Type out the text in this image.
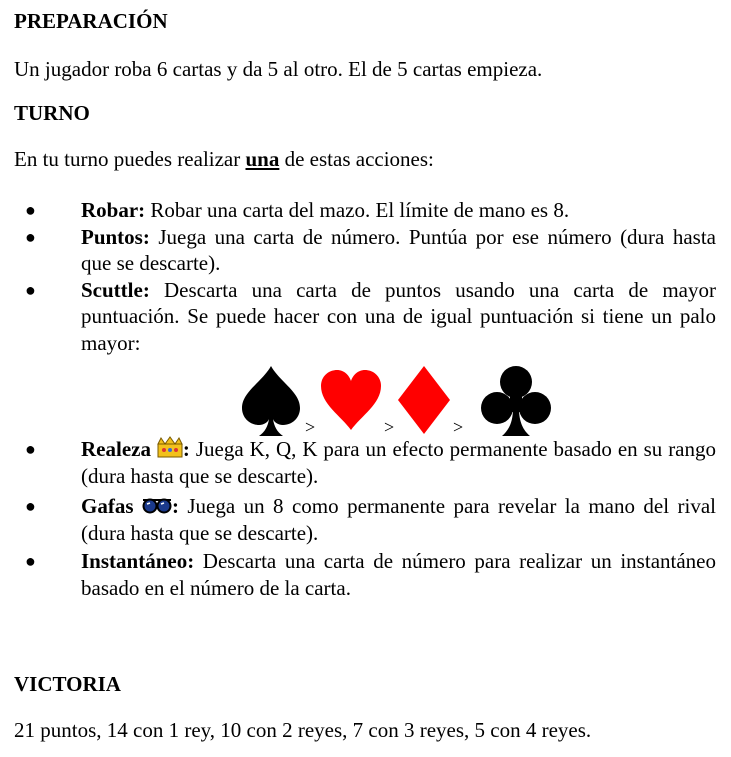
PREPARACIÓN

Un jugador roba 6 cartas y da 5 al otro. El de 5 cartas empieza.

TURNO

En tu turno puedes realizar una de estas acciones:

● Robar: Robar una carta del mazo. El límite de mano es 8.
● Puntos: Juega una carta de número. Puntúa por ese número (dura hasta que se descarte).
● Scuttle: Descarta una carta de puntos usando una carta de mayor puntuación. Se puede hacer con una de igual puntuación si tiene un palo mayor:
>	>	>
● Realeza : Juega K, Q, K para un efecto permanente basado en su rango (dura hasta que se descarte).
● Gafas : Juega un 8 como permanente para revelar la mano del rival (dura hasta que se descarte).
● Instantáneo: Descarta una carta de número para realizar un instantáneo basado en el número de la carta.
VICTORIA

21 puntos, 14 con 1 rey, 10 con 2 reyes, 7 con 3 reyes, 5 con 4 reyes.
